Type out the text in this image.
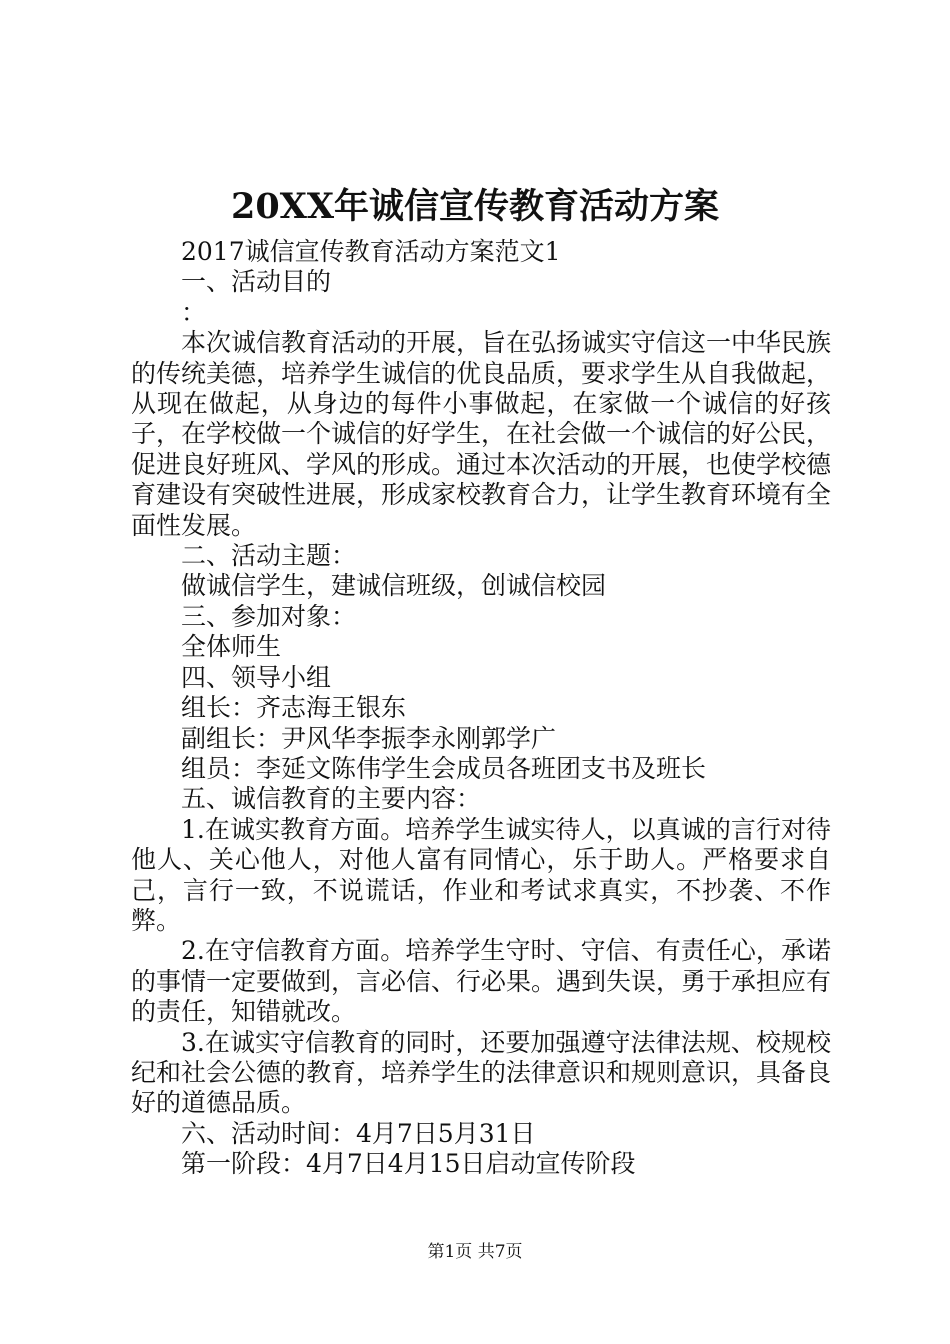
20XX年诚信宣传教育活动方案
2017诚信宣传教育活动方案范文1
一、活动目的
：
本次诚信教育活动的开展，旨在弘扬诚实守信这一中华民族的传统美德，培养学生诚信的优良品质，要求学生从自我做起，从现在做起，从身边的每件小事做起，在家做一个诚信的好孩子，在学校做一个诚信的好学生，在社会做一个诚信的好公民，促进良好班风、学风的形成。通过本次活动的开展，也使学校德育建设有突破性进展，形成家校教育合力，让学生教育环境有全面性发展。
二、活动主题：
做诚信学生，建诚信班级，创诚信校园
三、参加对象：
全体师生
四、领导小组
组长：齐志海王银东
副组长：尹风华李振李永刚郭学广
组员：李延文陈伟学生会成员各班团支书及班长
五、诚信教育的主要内容：
1.在诚实教育方面。培养学生诚实待人，以真诚的言行对待他人、关心他人，对他人富有同情心，乐于助人。严格要求自己，言行一致，不说谎话，作业和考试求真实，不抄袭、不作弊。
2.在守信教育方面。培养学生守时、守信、有责任心，承诺的事情一定要做到，言必信、行必果。遇到失误，勇于承担应有的责任，知错就改。
3.在诚实守信教育的同时，还要加强遵守法律法规、校规校纪和社会公德的教育，培养学生的法律意识和规则意识，具备良好的道德品质。
六、活动时间：4月7日5月31日
第一阶段：4月7日4月15日启动宣传阶段
第1页 共7页
